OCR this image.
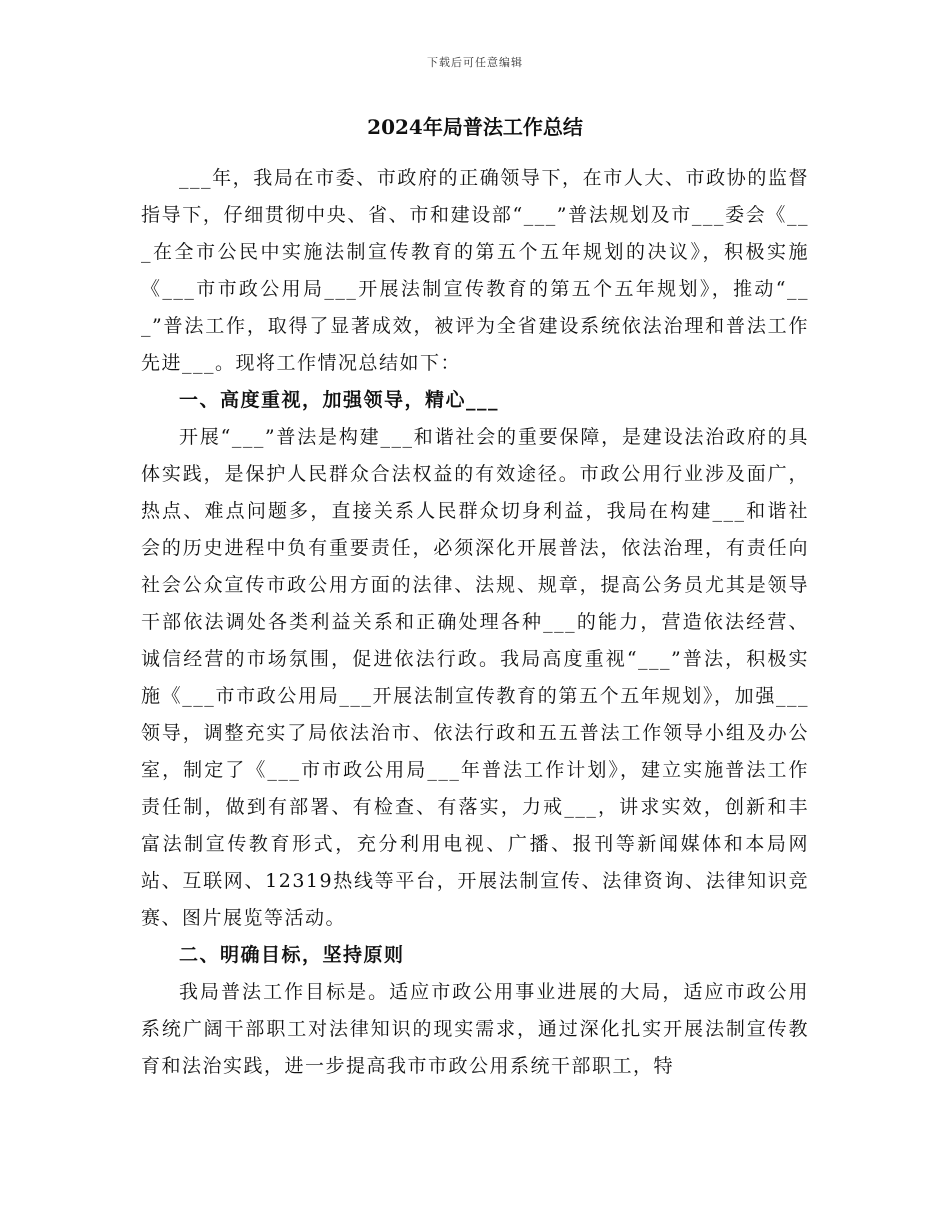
下载后可任意编辑
2024年局普法工作总结

___年，我局在市委、市政府的正确领导下，在市人大、市政协的监督指导下，仔细贯彻中央、省、市和建设部“___”普法规划及市___委会《___在全市公民中实施法制宣传教育的第五个五年规划的决议》，积极实施《___市市政公用局___开展法制宣传教育的第五个五年规划》，推动“___”普法工作，取得了显著成效，被评为全省建设系统依法治理和普法工作先进___。现将工作情况总结如下：

一、高度重视，加强领导，精心___

开展“___”普法是构建___和谐社会的重要保障，是建设法治政府的具体实践，是保护人民群众合法权益的有效途径。市政公用行业涉及面广，热点、难点问题多，直接关系人民群众切身利益，我局在构建___和谐社会的历史进程中负有重要责任，必须深化开展普法，依法治理，有责任向社会公众宣传市政公用方面的法律、法规、规章，提高公务员尤其是领导干部依法调处各类利益关系和正确处理各种___的能力，营造依法经营、诚信经营的市场氛围，促进依法行政。我局高度重视“___”普法，积极实施《___市市政公用局___开展法制宣传教育的第五个五年规划》，加强___领导，调整充实了局依法治市、依法行政和五五普法工作领导小组及办公室，制定了《___市市政公用局___年普法工作计划》，建立实施普法工作责任制，做到有部署、有检查、有落实，力戒___，讲求实效，创新和丰富法制宣传教育形式，充分利用电视、广播、报刊等新闻媒体和本局网站、互联网、12319热线等平台，开展法制宣传、法律资询、法律知识竞赛、图片展览等活动。

二、明确目标，坚持原则

我局普法工作目标是。适应市政公用事业进展的大局，适应市政公用系统广阔干部职工对法律知识的现实需求，通过深化扎实开展法制宣传教育和法治实践，进一步提高我市市政公用系统干部职工，特
